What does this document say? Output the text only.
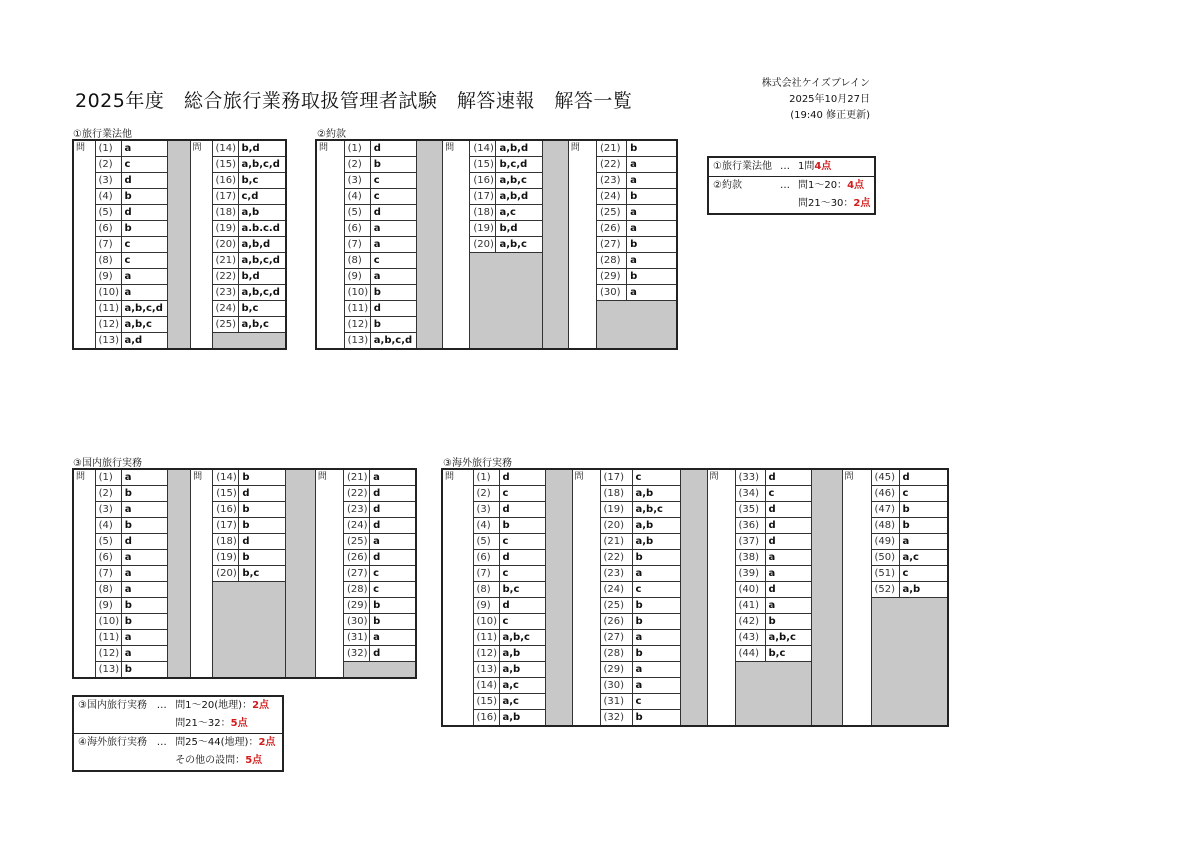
2025年度　総合旅行業務取扱管理者試験　解答速報　解答一覧
株式会社ケイズブレイン
2025年10月27日
(19:40 修正更新)
①旅行業法他	②約款
③国内旅行実務	③海外旅行実務
問	(1)	a		問	(14)	b,d
	(2)	c			(15)	a,b,c,d
	(3)	d			(16)	b,c
	(4)	b			(17)	c,d
	(5)	d			(18)	a,b
	(6)	b			(19)	a.b.c.d
	(7)	c			(20)	a,b,d
	(8)	c			(21)	a,b,c,d
	(9)	a			(22)	b,d
	(10)	a			(23)	a,b,c,d
	(11)	a,b,c,d			(24)	b,c
	(12)	a,b,c			(25)	a,b,c
	(13)	a,d				
問	(1)	d		問	(14)	a,b,d		問	(21)	b
	(2)	b			(15)	b,c,d			(22)	a
	(3)	c			(16)	a,b,c			(23)	a
	(4)	c			(17)	a,b,d			(24)	b
	(5)	d			(18)	a,c			(25)	a
	(6)	a			(19)	b,d			(26)	a
	(7)	a			(20)	a,b,c			(27)	b
	(8)	c							(28)	a
	(9)	a							(29)	b
	(10)	b							(30)	a
	(11)	d								
	(12)	b								
	(13)	a,b,c,d								
問	(1)	a		問	(14)	b		問	(21)	a
	(2)	b			(15)	d			(22)	d
	(3)	a			(16)	b			(23)	d
	(4)	b			(17)	b			(24)	d
	(5)	d			(18)	d			(25)	a
	(6)	a			(19)	b			(26)	d
	(7)	a			(20)	b,c			(27)	c
	(8)	a							(28)	c
	(9)	b							(29)	b
	(10)	b							(30)	b
	(11)	a							(31)	a
	(12)	a							(32)	d
	(13)	b								
問	(1)	d		問	(17)	c		問	(33)	d		問	(45)	d
	(2)	c			(18)	a,b			(34)	c			(46)	c
	(3)	d			(19)	a,b,c			(35)	d			(47)	b
	(4)	b			(20)	a,b			(36)	d			(48)	b
	(5)	c			(21)	a,b			(37)	d			(49)	a
	(6)	d			(22)	b			(38)	a			(50)	a,c
	(7)	c			(23)	a			(39)	a			(51)	c
	(8)	b,c			(24)	c			(40)	d			(52)	a,b
	(9)	d			(25)	b			(41)	a				
	(10)	c			(26)	b			(42)	b				
	(11)	a,b,c			(27)	a			(43)	a,b,c				
	(12)	a,b			(28)	b			(44)	b,c				
	(13)	a,b			(29)	a								
	(14)	a,c			(30)	a								
	(15)	a,c			(31)	c								
	(16)	a,b			(32)	b								
①旅行業法他	…	1問4点
②約款	…	問1～20：4点
		問21～30：2点
③国内旅行実務	…	問1～20(地理)：2点
		問21～32：5点
④海外旅行実務	…	問25～44(地理)：2点
		その他の設問：5点
